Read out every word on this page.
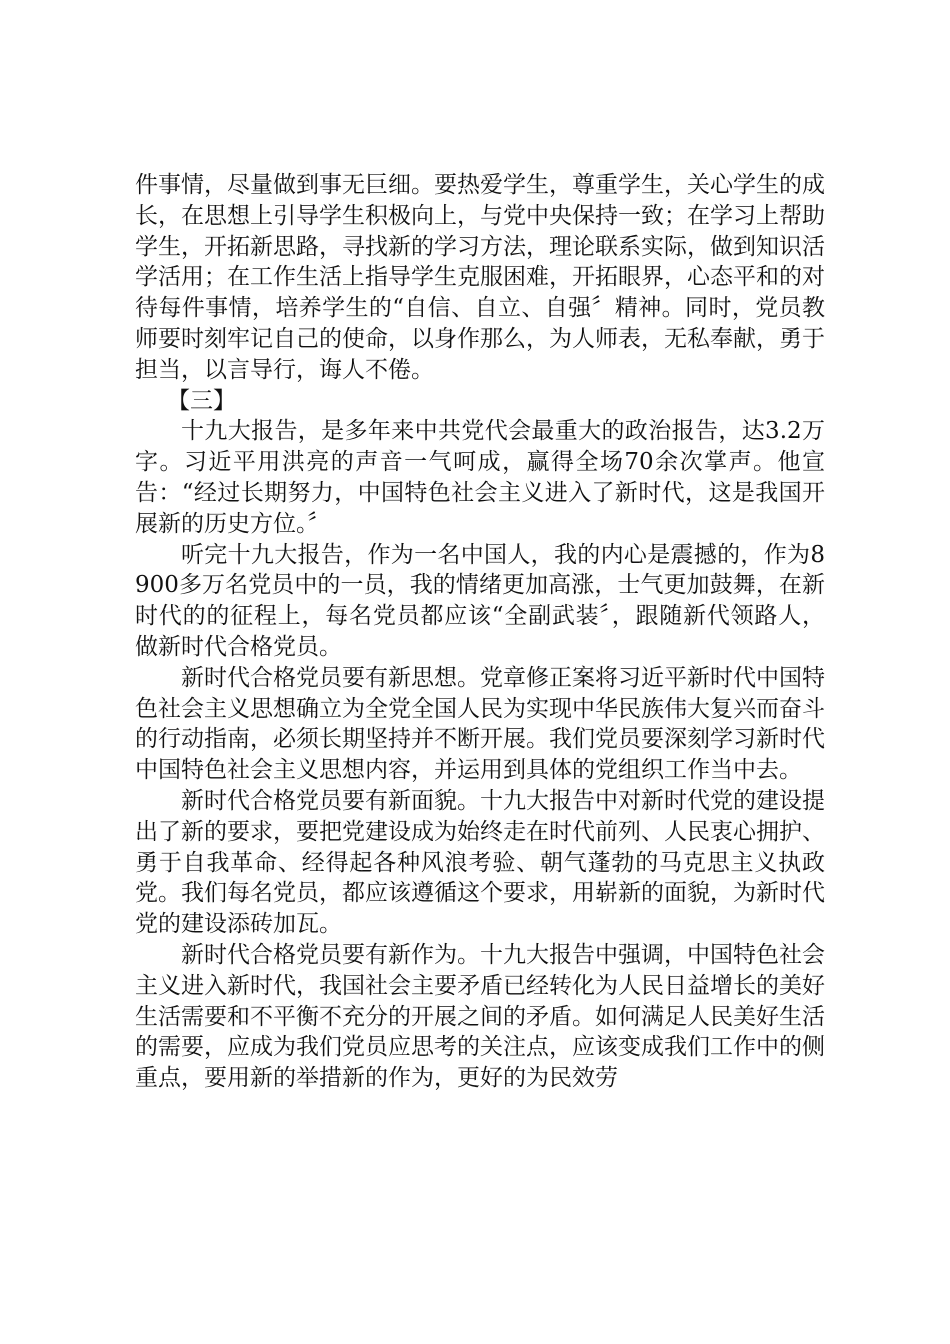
件事情，尽量做到事无巨细。要热爱学生，尊重学生，关心学生的成长，在思想上引导学生积极向上，与党中央保持一致；在学习上帮助学生，开拓新思路，寻找新的学习方法，理论联系实际，做到知识活学活用；在工作生活上指导学生克服困难，开拓眼界，心态平和的对待每件事情，培养学生的“自信、自立、自强〞精神。同时，党员教师要时刻牢记自己的使命，以身作那么，为人师表，无私奉献，勇于担当，以言导行，诲人不倦。

【三】

十九大报告，是多年来中共党代会最重大的政治报告，达3.2万字。习近平用洪亮的声音一气呵成，赢得全场70余次掌声。他宣告：“经过长期努力，中国特色社会主义进入了新时代，这是我国开展新的历史方位。〞

听完十九大报告，作为一名中国人，我的内心是震撼的，作为8900多万名党员中的一员，我的情绪更加高涨，士气更加鼓舞，在新时代的的征程上，每名党员都应该“全副武装〞，跟随新代领路人，做新时代合格党员。

新时代合格党员要有新思想。党章修正案将习近平新时代中国特色社会主义思想确立为全党全国人民为实现中华民族伟大复兴而奋斗的行动指南，必须长期坚持并不断开展。我们党员要深刻学习新时代中国特色社会主义思想内容，并运用到具体的党组织工作当中去。

新时代合格党员要有新面貌。十九大报告中对新时代党的建设提出了新的要求，要把党建设成为始终走在时代前列、人民衷心拥护、勇于自我革命、经得起各种风浪考验、朝气蓬勃的马克思主义执政党。我们每名党员，都应该遵循这个要求，用崭新的面貌，为新时代党的建设添砖加瓦。

新时代合格党员要有新作为。十九大报告中强调，中国特色社会主义进入新时代，我国社会主要矛盾已经转化为人民日益增长的美好生活需要和不平衡不充分的开展之间的矛盾。如何满足人民美好生活的需要，应成为我们党员应思考的关注点，应该变成我们工作中的侧重点，要用新的举措新的作为，更好的为民效劳
